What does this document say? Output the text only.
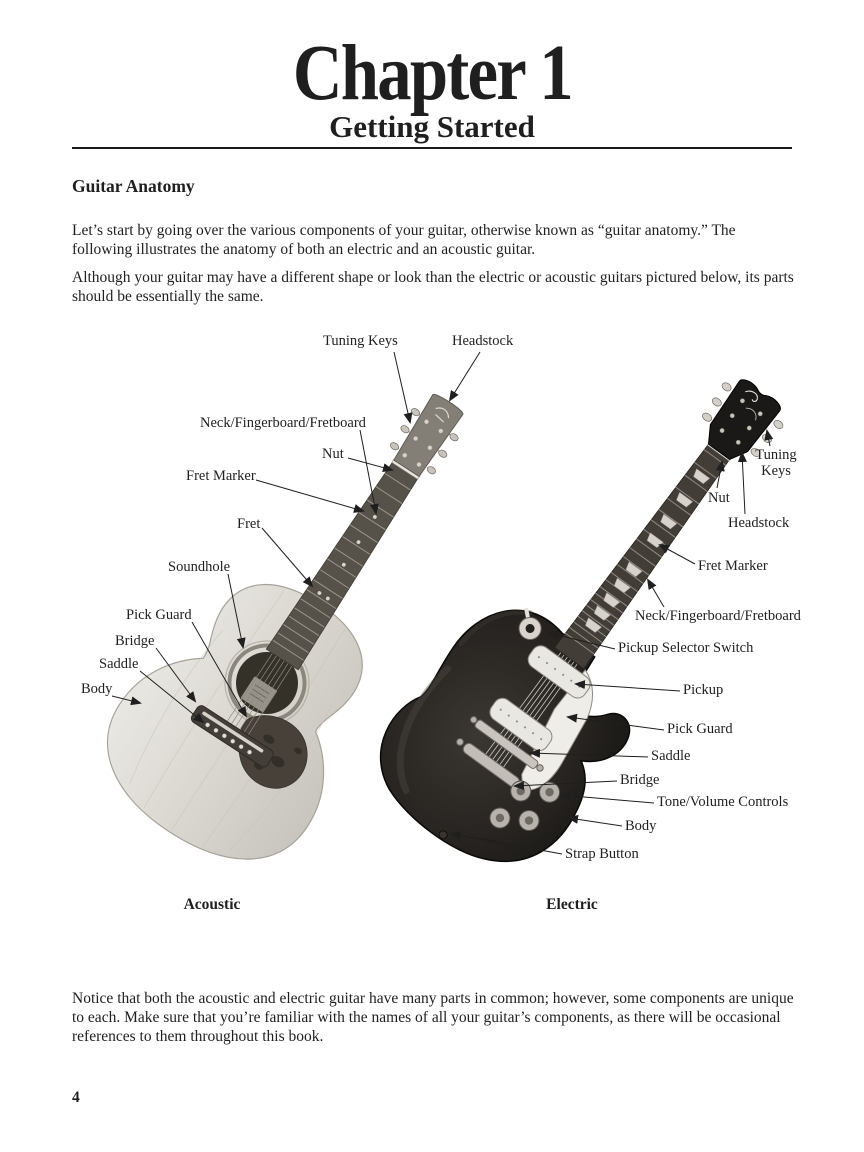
Chapter 1
Getting Started
Guitar Anatomy

Let’s start by going over the various components of your guitar, otherwise known as “guitar anatomy.” The following illustrates the anatomy of both an electric and an acoustic guitar.

Although your guitar may have a different shape or look than the electric or acoustic guitars pictured below, its parts should be essentially the same.

Tuning Keys	Headstock
Neck/Fingerboard/Fretboard
Nut
Fret Marker
Fret
Soundhole
Pick Guard
Bridge
Saddle
Body
Tuning Keys
Nut
Headstock
Fret Marker
Neck/Fingerboard/Fretboard
Pickup Selector Switch
Pickup
Pick Guard
Saddle
Bridge
Tone/Volume Controls
Body
Strap Button
Acoustic	Electric

Notice that both the acoustic and electric guitar have many parts in common; however, some components are unique to each. Make sure that you’re familiar with the names of all your guitar’s components, as there will be occasional references to them throughout this book.

4
